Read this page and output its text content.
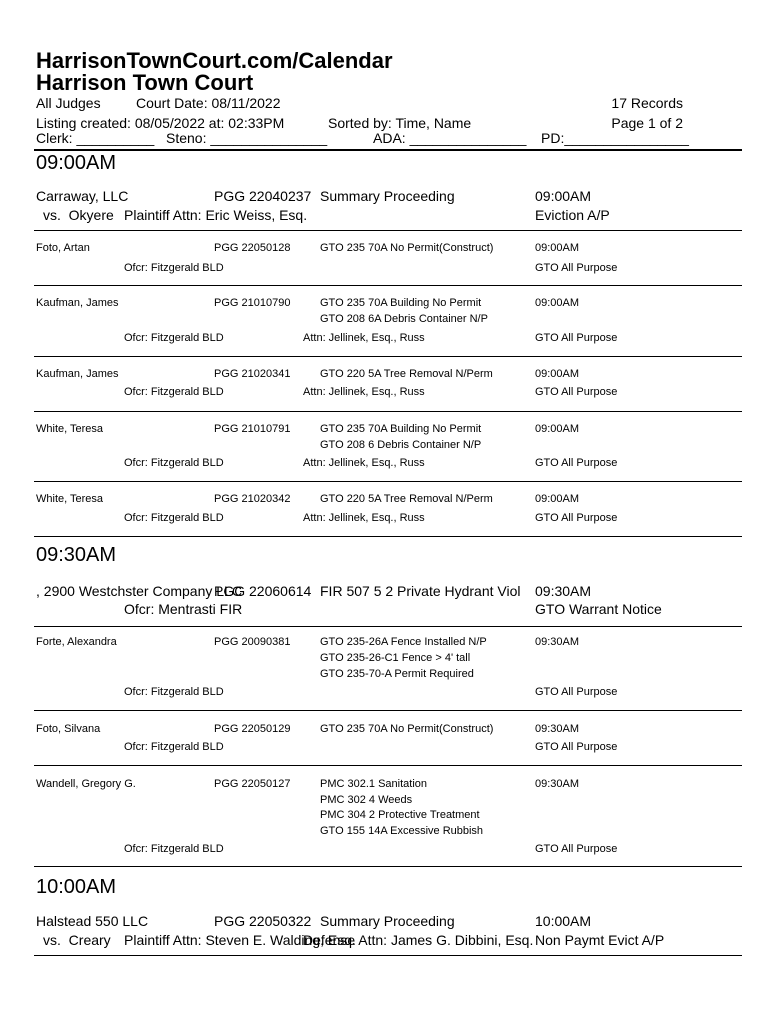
HarrisonTownCourt.com/Calendar
Harrison Town Court
All Judges	Court Date: 08/11/2022	17 Records
Listing created: 08/05/2022 at: 02:33PM	Sorted by: Time, Name	Page 1 of 2
Clerk: __________ Steno: _______________	ADA: _______________ PD:________________
09:00AM
Carraway, LLC	PGG 22040237 Summary Proceeding	09:00AM
vs. Okyere Plaintiff Attn: Eric Weiss, Esq.	Eviction A/P
Foto, Artan	PGG 22050128	GTO 235 70A No Permit(Construct)	09:00AM
Ofcr: Fitzgerald BLD	GTO All Purpose
Kaufman, James	PGG 21010790	GTO 235 70A Building No Permit
GTO 208 6A Debris Container N/P
09:00AM
Ofcr: Fitzgerald BLD	Attn: Jellinek, Esq., Russ	GTO All Purpose
Kaufman, James	PGG 21020341	GTO 220 5A Tree Removal N/Perm	09:00AM
Ofcr: Fitzgerald BLD	Attn: Jellinek, Esq., Russ	GTO All Purpose
White, Teresa	PGG 21010791	GTO 235 70A Building No Permit
GTO 208 6 Debris Container N/P
09:00AM
Ofcr: Fitzgerald BLD	Attn: Jellinek, Esq., Russ	GTO All Purpose
White, Teresa	PGG 21020342	GTO 220 5A Tree Removal N/Perm	09:00AM
Ofcr: Fitzgerald BLD	Attn: Jellinek, Esq., Russ	GTO All Purpose
09:30AM
, 2900 Westchster Company LLC
PGG 22060614 FIR 507 5 2 Private Hydrant Viol 09:30AM
Ofcr: Mentrasti FIR	GTO Warrant Notice
Forte, Alexandra	PGG 20090381	GTO 235-26A Fence Installed N/P
GTO 235-26-C1 Fence > 4' tall
GTO 235-70-A Permit Required
09:30AM
Ofcr: Fitzgerald BLD	GTO All Purpose
Foto, Silvana	PGG 22050129	GTO 235 70A No Permit(Construct)	09:30AM
Ofcr: Fitzgerald BLD	GTO All Purpose
Wandell, Gregory G.	PGG 22050127	PMC 302.1 Sanitation
PMC 302 4 Weeds
PMC 304 2 Protective Treatment
GTO 155 14A Excessive Rubbish
09:30AM
Ofcr: Fitzgerald BLD	GTO All Purpose
10:00AM
Halstead 550 LLC	PGG 22050322 Summary Proceeding	10:00AM
vs. Creary Plaintiff Attn: Steven E. Walding, Esq.
Defense Attn: James G. Dibbini, Esq. Non Paymt Evict A/P
